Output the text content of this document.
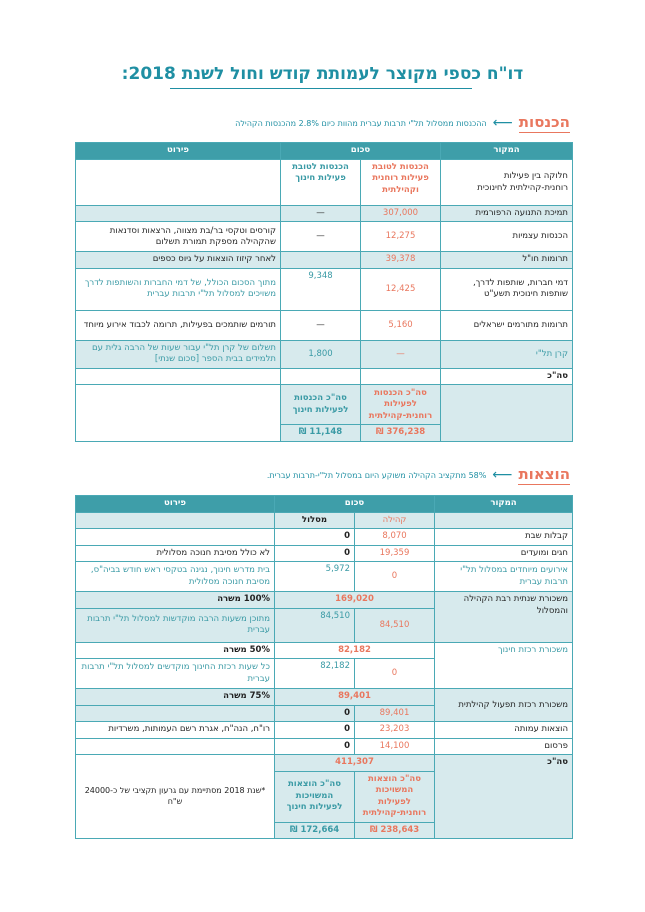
דו"ח כספי מקוצר לעמותת קודש וחול לשנת 2018:
הכנסות
⟵
ההכנסות ממסלול תל"י תרבות עברית מהוות כיום 2.8% מהכנסות הקהילה
המקור	סכום		פירוט
חלוקה בין פעילות רוחנית-קהילתית לחינוכית	הכנסות לטובת פעילות רוחנית וקהילתית	הכנסות לטובת פעילות חינוך	
תמיכת התנועה הרפורמית	307,000	—	
הכנסות עצמיות	12,275	—	קורסים וטקסי בר/בת מצווה, הרצאות וסדנאות שהקהילה מספקת תמורת תשלום
תרומות חו"ל	39,378		לאחר קיזוז הוצאות על גיוס כספים
דמי חברות, שותפות לדרך, שותפות חינוכית תשע"ט	12,425	9,348	מתוך הסכום הכולל, של דמי החברות והשותפות לדרך משויכים למסלול תל"י תרבות עברית
תרומות מתורמים ישראלים	5,160	—	תורמים שותמכים בפעילות, תרומה לכבוד אירוע מיוחד
קרן תל"י	—	1,800	תשלום של קרן תל"י עבור שעות של הרבה גלית עם תלמידים בבית הספר [סכום שנתי]
סה"כ			
	סה"כ הכנסות לפעילות רוחנית-קהילתית	סה"כ הכנסות לפעילות חינוך	
	376,238 ₪	11,148 ₪	
הוצאות
⟵
58% מתקציב הקהילה משוקע היום במסלול תל"י-תרבות עברית.
המקור	סכום		פירוט
	קהילה	מסלול	
קבלות שבת	8,070	0	
חגים ומועדים	19,359	0	לא כולל מסיבת חנוכה מסלולית
אירועים מיוחדים במסלול תל"י תרבות עברית	0	5,972	בית מדרש חינוך, נגינה בטקסי ראש חודש בביה"ס, מסיבת חנוכה מסלולית
משכורת שנתית רבת הקהילה והמסלול	169,020		100% משרה
	84,510	84,510	מתוכן משעות הרבה מוקדשות למסלול תל"י תרבות עברית
משכורת רכזת חינוך	82,182		50% משרה
	0	82,182	כל שעות רכזת החינוך מוקדשים למסלול תל"י תרבות עברית
משכורת רכזת תפעול קהילתית	89,401		75% משרה
	89,401	0	
הוצאות עמותה	23,203	0	רו"ח, הנה"ח, אגרת רשם העמותות, משרדיות
פרסום	14,100	0	
סה"כ	411,307		*שנת 2018 מסתיימת עם גרעון תקציבי של כ-24000 ש"ח
	סה"כ הוצאות המשויכות לפעילות רוחנית-קהילתית	סה"כ הוצאות המשויכות לפעילות חינוך	
	238,643 ₪	172,664 ₪	
